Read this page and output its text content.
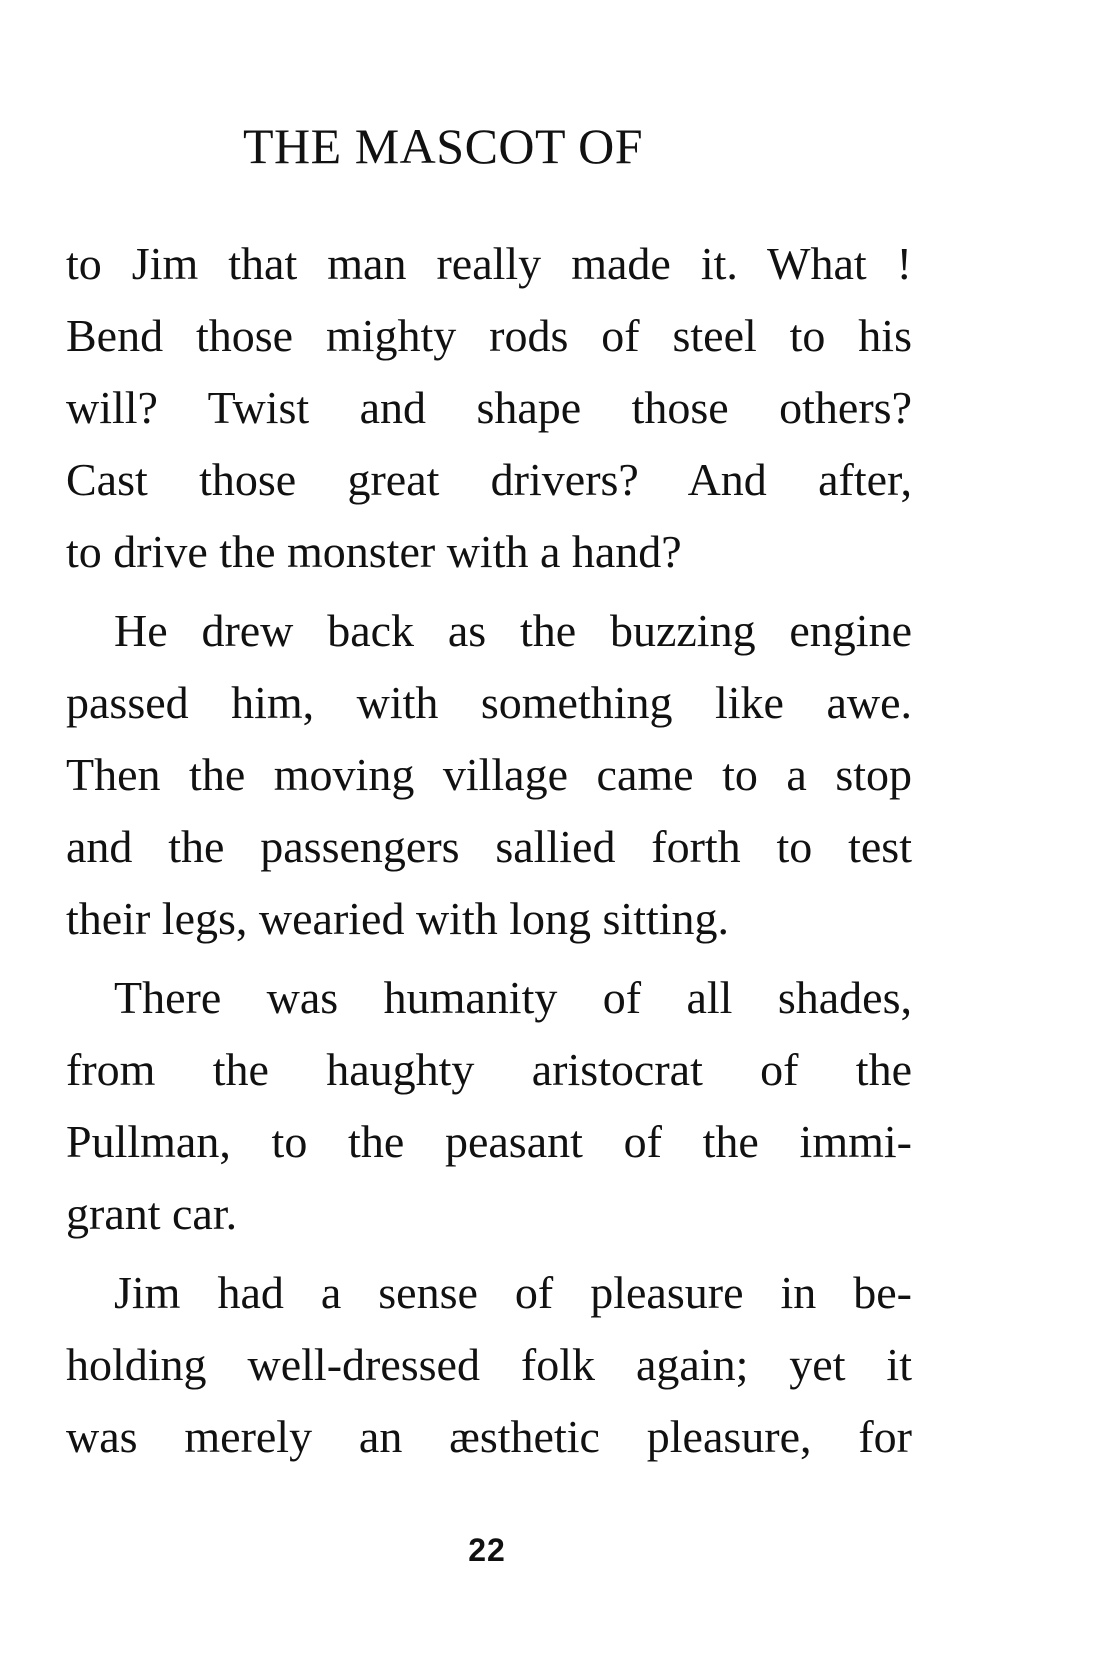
THE MASCOT OF
to Jim that man really made it. What !
Bend those mighty rods of steel to his
will? Twist and shape those others?
Cast those great drivers? And after,
to drive the monster with a hand?
He drew back as the buzzing engine
passed him, with something like awe.
Then the moving village came to a stop
and the passengers sallied forth to test
their legs, wearied with long sitting.
There was humanity of all shades,
from the haughty aristocrat of the
Pullman, to the peasant of the immi-
grant car.
Jim had a sense of pleasure in be-
holding well-dressed folk again; yet it
was merely an æsthetic pleasure, for
22
